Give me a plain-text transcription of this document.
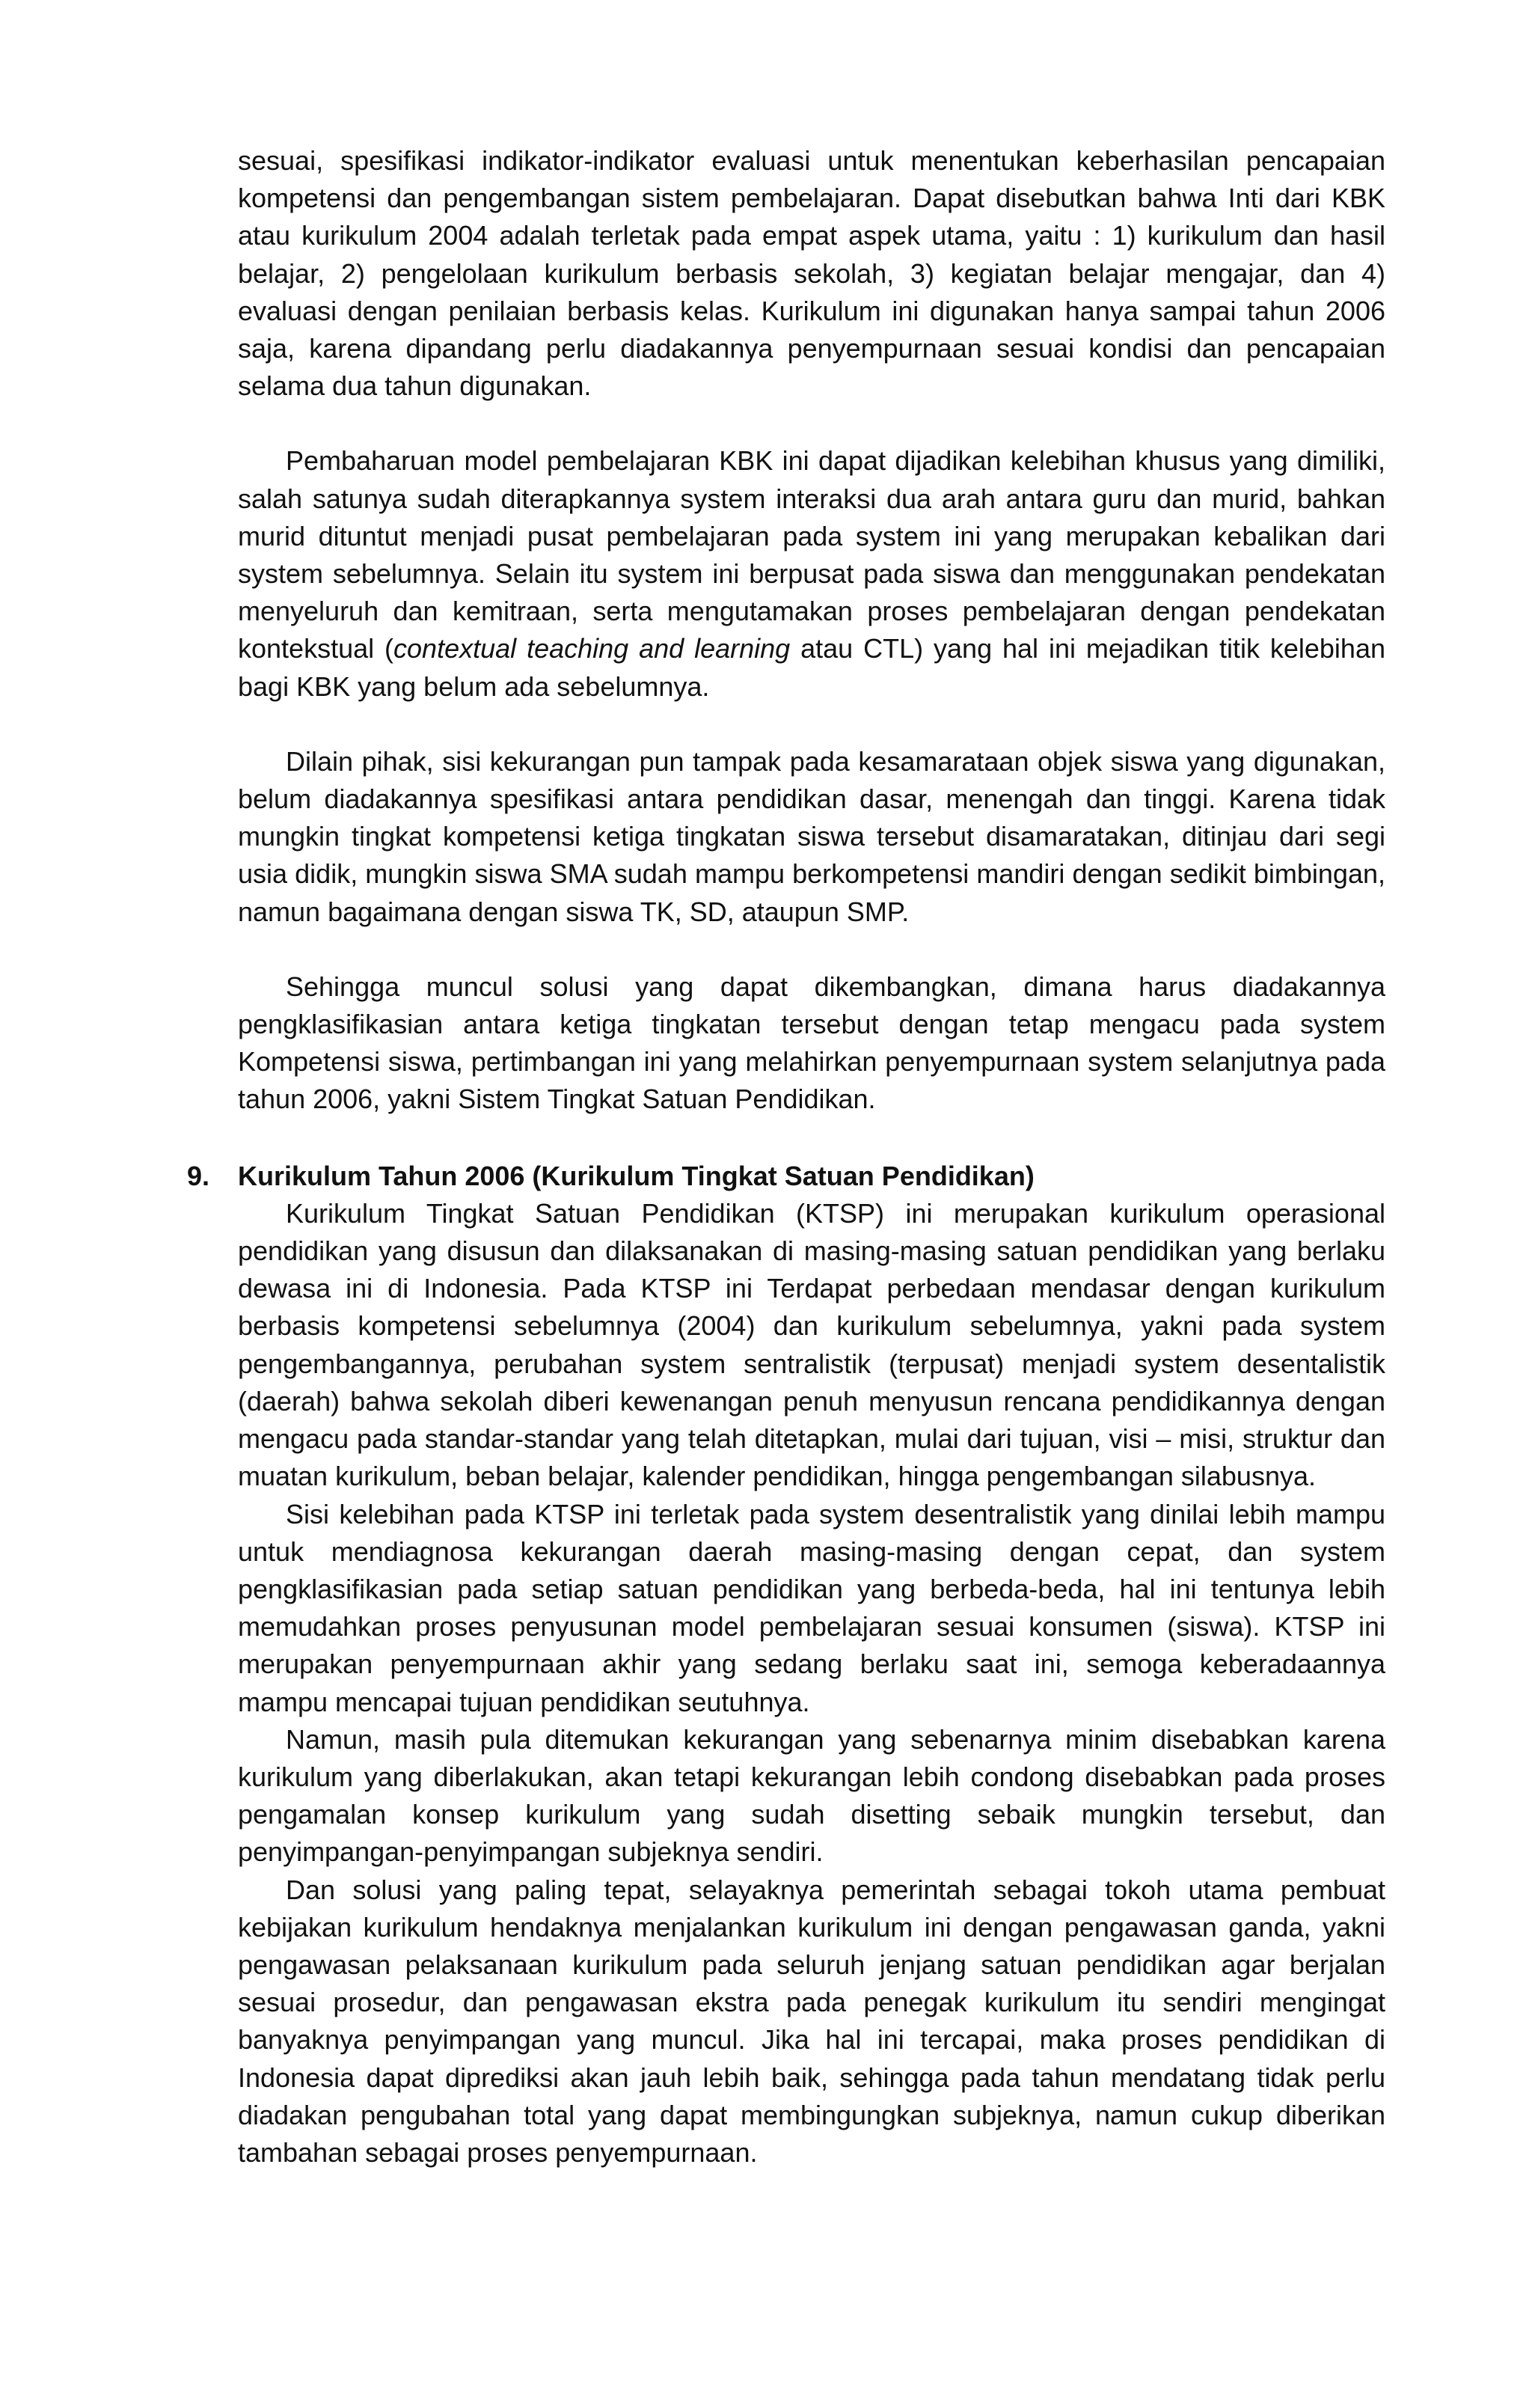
sesuai, spesifikasi indikator-indikator evaluasi untuk menentukan keberhasilan pencapaian kompetensi dan pengembangan sistem pembelajaran. Dapat disebutkan bahwa Inti dari KBK atau kurikulum 2004 adalah terletak pada empat aspek utama, yaitu : 1) kurikulum dan hasil belajar, 2) pengelolaan kurikulum berbasis sekolah, 3) kegiatan belajar mengajar, dan 4) evaluasi dengan penilaian berbasis kelas. Kurikulum ini digunakan hanya sampai tahun 2006 saja, karena dipandang perlu diadakannya penyempurnaan sesuai kondisi dan pencapaian selama dua tahun digunakan.

Pembaharuan model pembelajaran KBK ini dapat dijadikan kelebihan khusus yang dimiliki, salah satunya sudah diterapkannya system interaksi dua arah antara guru dan murid, bahkan murid dituntut menjadi pusat pembelajaran pada system ini yang merupakan kebalikan dari system sebelumnya. Selain itu system ini berpusat pada siswa dan menggunakan pendekatan menyeluruh dan kemitraan, serta mengutamakan proses pembelajaran dengan pendekatan kontekstual (contextual teaching and learning atau CTL) yang hal ini mejadikan titik kelebihan bagi KBK yang belum ada sebelumnya.

Dilain pihak, sisi kekurangan pun tampak pada kesamarataan objek siswa yang digunakan, belum diadakannya spesifikasi antara pendidikan dasar, menengah dan tinggi. Karena tidak mungkin tingkat kompetensi ketiga tingkatan siswa tersebut disamaratakan, ditinjau dari segi usia didik, mungkin siswa SMA sudah mampu berkompetensi mandiri dengan sedikit bimbingan, namun bagaimana dengan siswa TK, SD, ataupun SMP.

Sehingga muncul solusi yang dapat dikembangkan, dimana harus diadakannya pengklasifikasian antara ketiga tingkatan tersebut dengan tetap mengacu pada system Kompetensi siswa, pertimbangan ini yang melahirkan penyempurnaan system selanjutnya pada tahun 2006, yakni Sistem Tingkat Satuan Pendidikan.

9. Kurikulum Tahun 2006 (Kurikulum Tingkat Satuan Pendidikan)

Kurikulum Tingkat Satuan Pendidikan (KTSP) ini merupakan kurikulum operasional pendidikan yang disusun dan dilaksanakan di masing-masing satuan pendidikan yang berlaku dewasa ini di Indonesia. Pada KTSP ini Terdapat perbedaan mendasar dengan kurikulum berbasis kompetensi sebelumnya (2004) dan kurikulum sebelumnya, yakni pada system pengembangannya, perubahan system sentralistik (terpusat) menjadi system desentalistik (daerah) bahwa sekolah diberi kewenangan penuh menyusun rencana pendidikannya dengan mengacu pada standar-standar yang telah ditetapkan, mulai dari tujuan, visi – misi, struktur dan muatan kurikulum, beban belajar, kalender pendidikan, hingga pengembangan silabusnya.

Sisi kelebihan pada KTSP ini terletak pada system desentralistik yang dinilai lebih mampu untuk mendiagnosa kekurangan daerah masing-masing dengan cepat, dan system pengklasifikasian pada setiap satuan pendidikan yang berbeda-beda, hal ini tentunya lebih memudahkan proses penyusunan model pembelajaran sesuai konsumen (siswa). KTSP ini merupakan penyempurnaan akhir yang sedang berlaku saat ini, semoga keberadaannya mampu mencapai tujuan pendidikan seutuhnya.

Namun, masih pula ditemukan kekurangan yang sebenarnya minim disebabkan karena kurikulum yang diberlakukan, akan tetapi kekurangan lebih condong disebabkan pada proses pengamalan konsep kurikulum yang sudah disetting sebaik mungkin tersebut, dan penyimpangan-penyimpangan subjeknya sendiri.

Dan solusi yang paling tepat, selayaknya pemerintah sebagai tokoh utama pembuat kebijakan kurikulum hendaknya menjalankan kurikulum ini dengan pengawasan ganda, yakni pengawasan pelaksanaan kurikulum pada seluruh jenjang satuan pendidikan agar berjalan sesuai prosedur, dan pengawasan ekstra pada penegak kurikulum itu sendiri mengingat banyaknya penyimpangan yang muncul. Jika hal ini tercapai, maka proses pendidikan di Indonesia dapat diprediksi akan jauh lebih baik, sehingga pada tahun mendatang tidak perlu diadakan pengubahan total yang dapat membingungkan subjeknya, namun cukup diberikan tambahan sebagai proses penyempurnaan.
